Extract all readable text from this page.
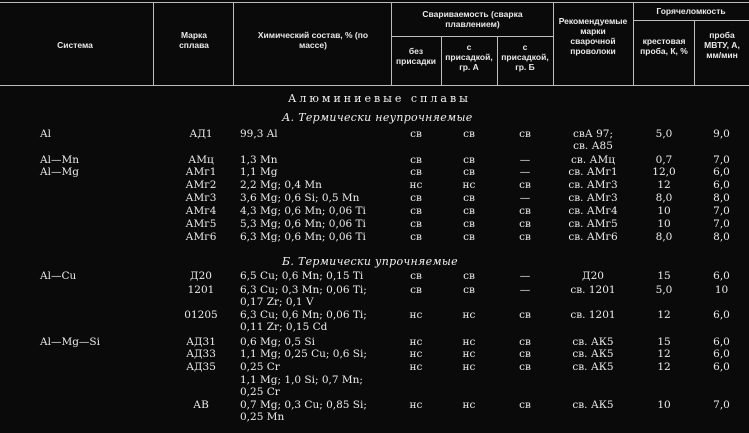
Система
Марка сплава
Химический состав, % (по массе)
Свариваемость (сварка плавлением)
без присадки
с присадкой, гр. А
с присадкой, гр. Б
Рекомендуемые марки сварочной проволоки
Горячеломкость
крестовая проба, К, %
проба МВТУ, А, мм/мин
Алюминиевые сплавы
А. Термически неупрочняемые
Б. Термически упрочняемые
Al	АД1	99,3 Al	св	св	св	свА 97;	5,0	9,0
св. А85
Al—Mn	АМц	1,3 Mn	св	св	—	св. АМц	0,7	7,0
Al—Mg	АМг1	1,1 Mg	св	св	—	св. АМг1	12,0	6,0
АМг2	2,2 Mg; 0,4 Mn	нс	нс	св	св. АМг3	12	6,0
АМг3	3,6 Mg; 0,6 Si; 0,5 Mn	св	св	—	св. АМг3	8,0	8,0
АМг4	4,3 Mg; 0,6 Mn; 0,06 Ti	св	св	св	св. АМг4	10	7,0
АМг5	5,3 Mg; 0,6 Mn; 0,06 Ti	св	св	св	св. АМг5	10	7,0
АМг6	6,3 Mg; 0,6 Mn; 0,06 Ti	св	св	св	св. АМг6	8,0	8,0
Al—Cu	Д20	6,5 Cu; 0,6 Mn; 0,15 Ti	св	св	—	Д20	15	6,0
1201	6,3 Cu; 0,3 Mn; 0,06 Ti;	св	св	—	св. 1201	5,0	10
0,17 Zr; 0,1 V
01205	6,3 Cu; 0,6 Mn; 0,06 Ti;	нс	нс	св	св. 1201	12	6,0
0,11 Zr; 0,15 Cd
Al—Mg—Si	АД31	0,6 Mg; 0,5 Si	нс	нс	св	св. АК5	15	6,0
АД33	1,1 Mg; 0,25 Cu; 0,6 Si;	нс	нс	св	св. АК5	12	6,0
АД35	0,25 Cr	нс	нс	св	св. АК5	12	6,0
1,1 Mg; 1,0 Si; 0,7 Mn;
0,25 Cr
АВ	0,7 Mg; 0,3 Cu; 0,85 Si;	нс	нс	св	св. АК5	10	7,0
0,25 Mn
